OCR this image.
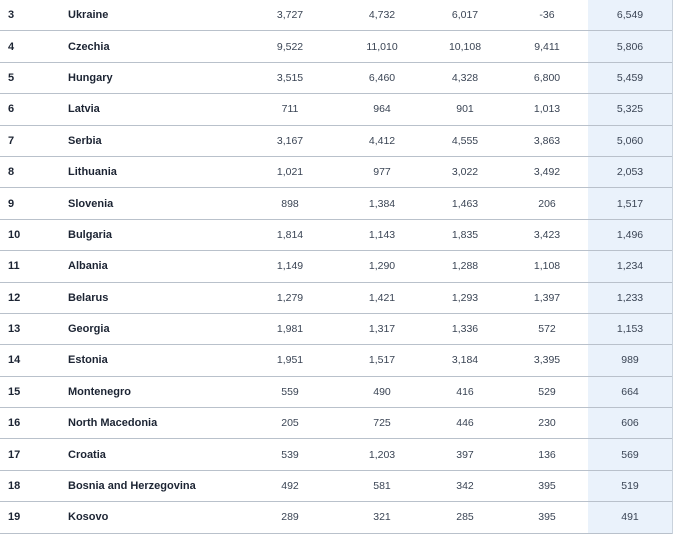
3	Ukraine	3,727	4,732	6,017	-36	6,549
4	Czechia	9,522	11,010	10,108	9,411	5,806
5	Hungary	3,515	6,460	4,328	6,800	5,459
6	Latvia	711	964	901	1,013	5,325
7	Serbia	3,167	4,412	4,555	3,863	5,060
8	Lithuania	1,021	977	3,022	3,492	2,053
9	Slovenia	898	1,384	1,463	206	1,517
10	Bulgaria	1,814	1,143	1,835	3,423	1,496
11	Albania	1,149	1,290	1,288	1,108	1,234
12	Belarus	1,279	1,421	1,293	1,397	1,233
13	Georgia	1,981	1,317	1,336	572	1,153
14	Estonia	1,951	1,517	3,184	3,395	989
15	Montenegro	559	490	416	529	664
16	North Macedonia	205	725	446	230	606
17	Croatia	539	1,203	397	136	569
18	Bosnia and Herzegovina	492	581	342	395	519
19	Kosovo	289	321	285	395	491
